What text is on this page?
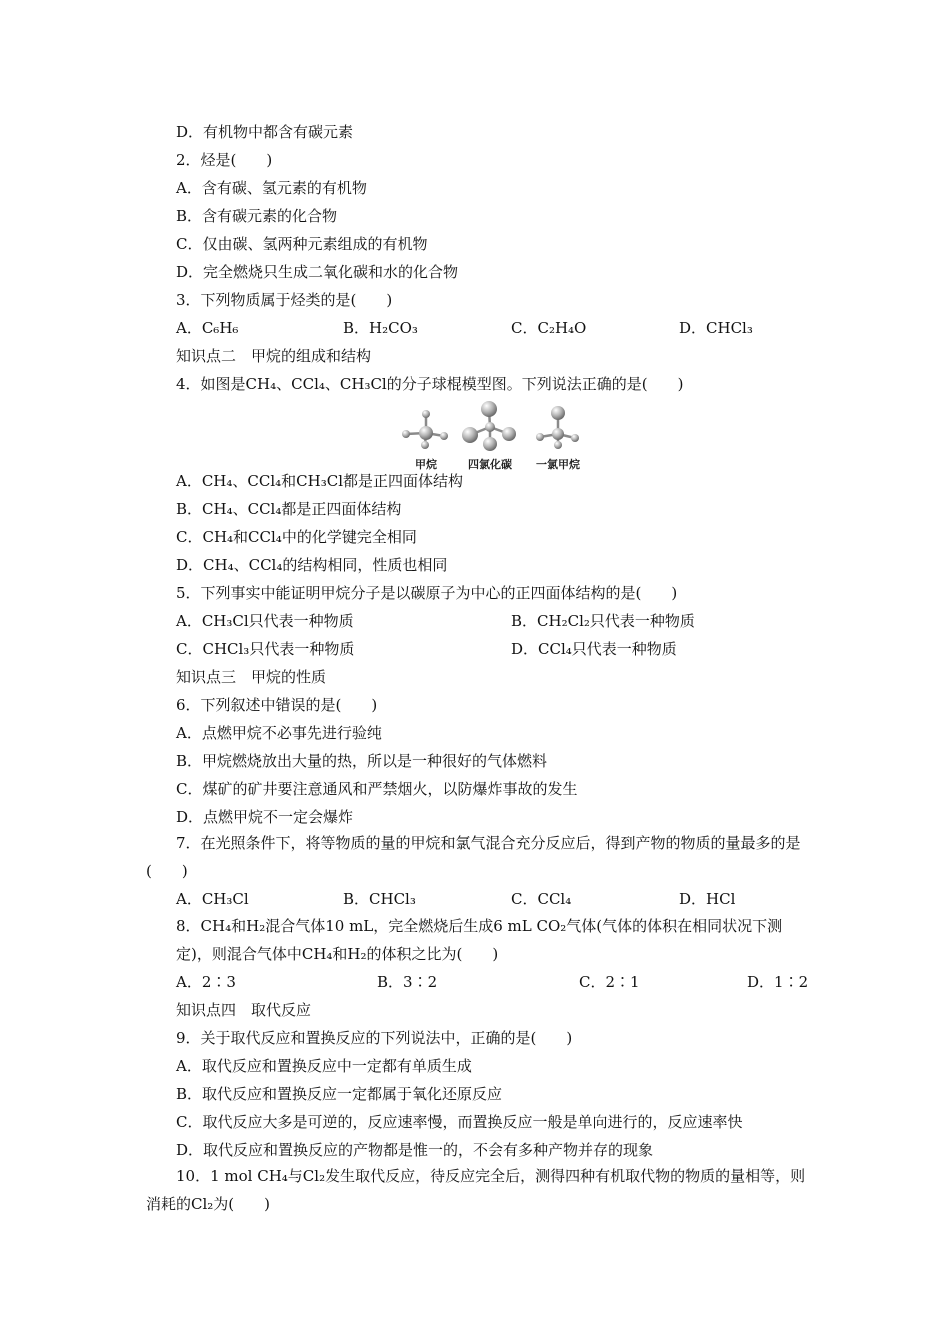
D．有机物中都含有碳元素
2．烃是(　　)
A．含有碳、氢元素的有机物
B．含有碳元素的化合物
C．仅由碳、氢两种元素组成的有机物
D．完全燃烧只生成二氧化碳和水的化合物
3．下列物质属于烃类的是(　　)
A．C₆H₆	B．H₂CO₃	C．C₂H₄O	D．CHCl₃
知识点二　甲烷的组成和结构
4．如图是CH₄、CCl₄、CH₃Cl的分子球棍模型图。下列说法正确的是(　　)
甲烷	四氯化碳 一氯甲烷
A．CH₄、CCl₄和CH₃Cl都是正四面体结构
B．CH₄、CCl₄都是正四面体结构
C．CH₄和CCl₄中的化学键完全相同
D．CH₄、CCl₄的结构相同，性质也相同
5．下列事实中能证明甲烷分子是以碳原子为中心的正四面体结构的是(　　)
A．CH₃Cl只代表一种物质	B．CH₂Cl₂只代表一种物质
C．CHCl₃只代表一种物质	D．CCl₄只代表一种物质
知识点三　甲烷的性质
6．下列叙述中错误的是(　　)
A．点燃甲烷不必事先进行验纯
B．甲烷燃烧放出大量的热，所以是一种很好的气体燃料
C．煤矿的矿井要注意通风和严禁烟火，以防爆炸事故的发生
D．点燃甲烷不一定会爆炸
7．在光照条件下，将等物质的量的甲烷和氯气混合充分反应后，得到产物的物质的量最多的是(　　)
A．CH₃Cl	B．CHCl₃	C．CCl₄	D．HCl
8．CH₄和H₂混合气体10 mL，完全燃烧后生成6 mL CO₂气体(气体的体积在相同状况下测定)，则混合气体中CH₄和H₂的体积之比为(　　)
A．2∶3	B．3∶2	C．2∶1	D．1∶2
知识点四　取代反应
9．关于取代反应和置换反应的下列说法中，正确的是(　　)
A．取代反应和置换反应中一定都有单质生成
B．取代反应和置换反应一定都属于氧化还原反应
C．取代反应大多是可逆的，反应速率慢，而置换反应一般是单向进行的，反应速率快
D．取代反应和置换反应的产物都是惟一的，不会有多种产物并存的现象
10．1 mol CH₄与Cl₂发生取代反应，待反应完全后，测得四种有机取代物的物质的量相等，则消耗的Cl₂为(　　)
